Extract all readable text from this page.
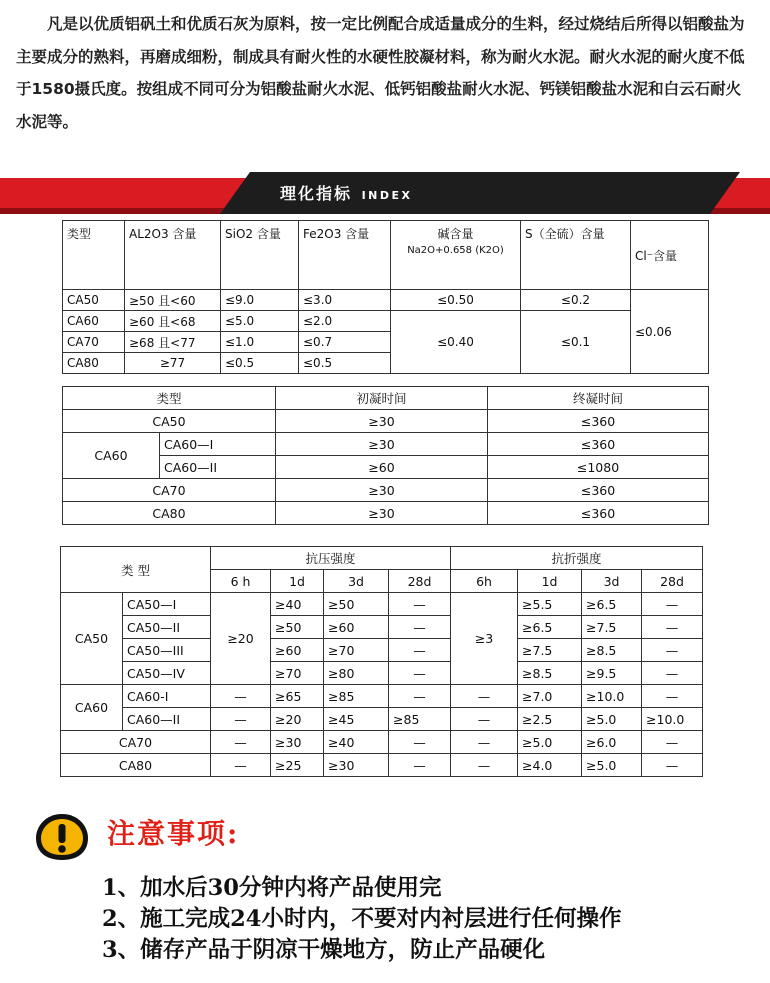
凡是以优质铝矾土和优质石灰为原料，按一定比例配合成适量成分的生料，经过烧结后所得以铝酸盐为主要成分的熟料，再磨成细粉，制成具有耐火性的水硬性胶凝材料，称为耐火水泥。耐火水泥的耐火度不低于1580摄氏度。按组成不同可分为铝酸盐耐火水泥、低钙铝酸盐耐火水泥、钙镁铝酸盐水泥和白云石耐火水泥等。

理化指标 INDEX
类型	AL2O3 含量	SiO2 含量	Fe2O3 含量	碱含量
Na2O+0.658 (K2O)	S（全硫）含量	Cl⁻含量
CA50	≥50 且<60	≤9.0	≤3.0	≤0.50	≤0.2	≤0.06
CA60	≥60 且<68	≤5.0	≤2.0	≤0.40	≤0.1	
CA70	≥68 且<77	≤1.0	≤0.7			
CA80	≥77	≤0.5	≤0.5			
类型		初凝时间	终凝时间
CA50		≥30	≤360
CA60	CA60—I	≥30	≤360
	CA60—II	≥60	≤1080
CA70		≥30	≤360
CA80		≥30	≤360
类 型		抗压强度				抗折强度			
		6 h	1d	3d	28d	6h	1d	3d	28d
CA50	CA50—I	≥20	≥40	≥50	—	≥3	≥5.5	≥6.5	—
	CA50—II		≥50	≥60	—		≥6.5	≥7.5	—
	CA50—III		≥60	≥70	—		≥7.5	≥8.5	—
	CA50—IV		≥70	≥80	—		≥8.5	≥9.5	—
CA60	CA60-I	—	≥65	≥85	—	—	≥7.0	≥10.0	—
	CA60—II	—	≥20	≥45	≥85	—	≥2.5	≥5.0	≥10.0
CA70		—	≥30	≥40	—	—	≥5.0	≥6.0	—
CA80		—	≥25	≥30	—	—	≥4.0	≥5.0	—
注意事项:
1、加水后30分钟内将产品使用完
2、施工完成24小时内，不要对内衬层进行任何操作
3、储存产品于阴凉干燥地方，防止产品硬化
